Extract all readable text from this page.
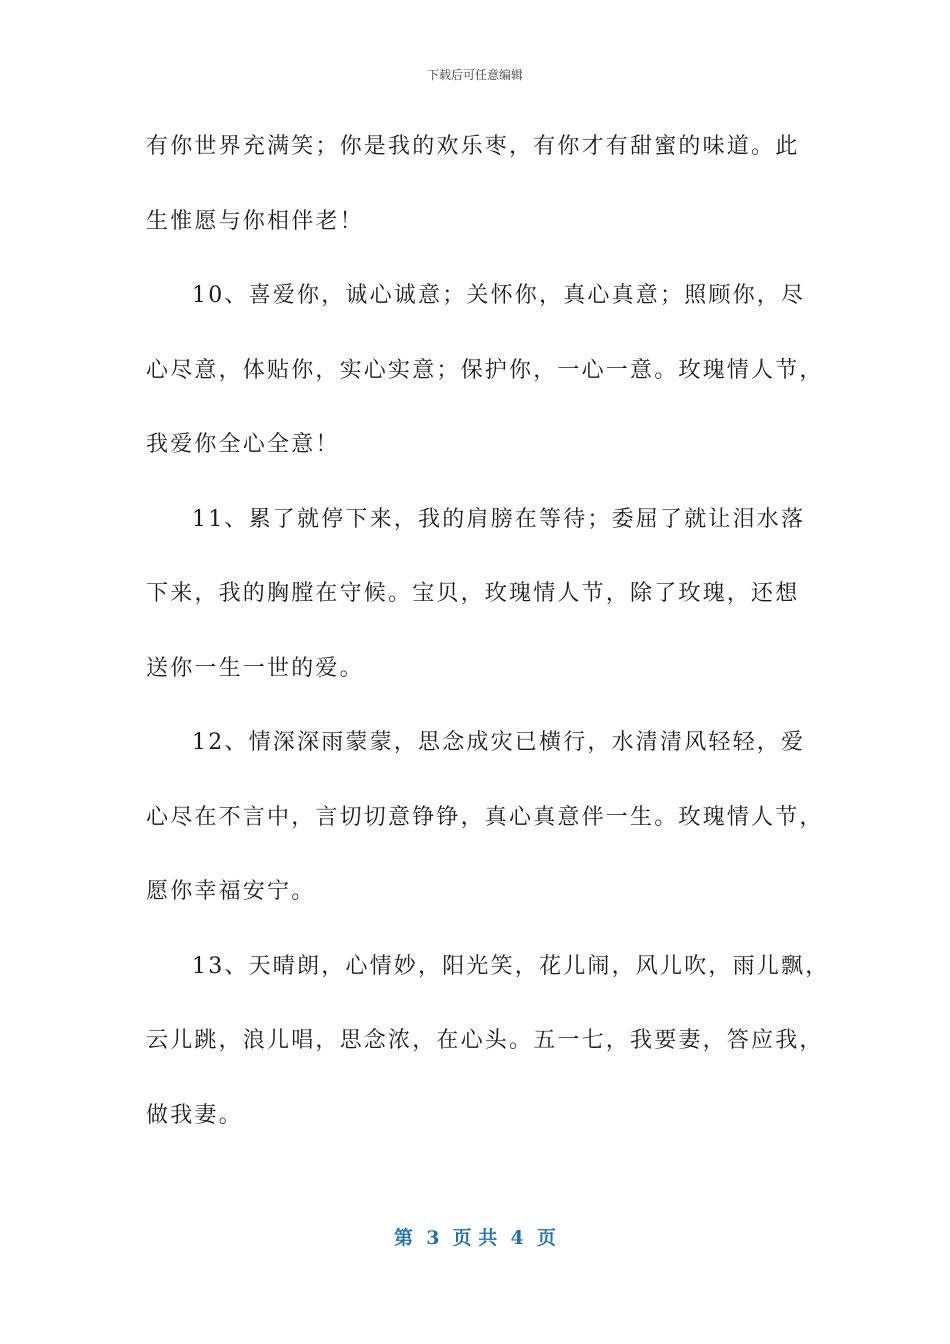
下载后可任意编辑
有你世界充满笑；你是我的欢乐枣，有你才有甜蜜的味道。此
生惟愿与你相伴老！
10、喜爱你，诚心诚意；关怀你，真心真意；照顾你，尽
心尽意，体贴你，实心实意；保护你，一心一意。玫瑰情人节，
我爱你全心全意！
11、累了就停下来，我的肩膀在等待；委屈了就让泪水落
下来，我的胸膛在守候。宝贝，玫瑰情人节，除了玫瑰，还想
送你一生一世的爱。
12、情深深雨蒙蒙，思念成灾已横行，水清清风轻轻，爱
心尽在不言中，言切切意铮铮，真心真意伴一生。玫瑰情人节，
愿你幸福安宁。
13、天晴朗，心情妙，阳光笑，花儿闹，风儿吹，雨儿飘，
云儿跳，浪儿唱，思念浓，在心头。五一七，我要妻，答应我，
做我妻。
第  3  页 共  4  页
